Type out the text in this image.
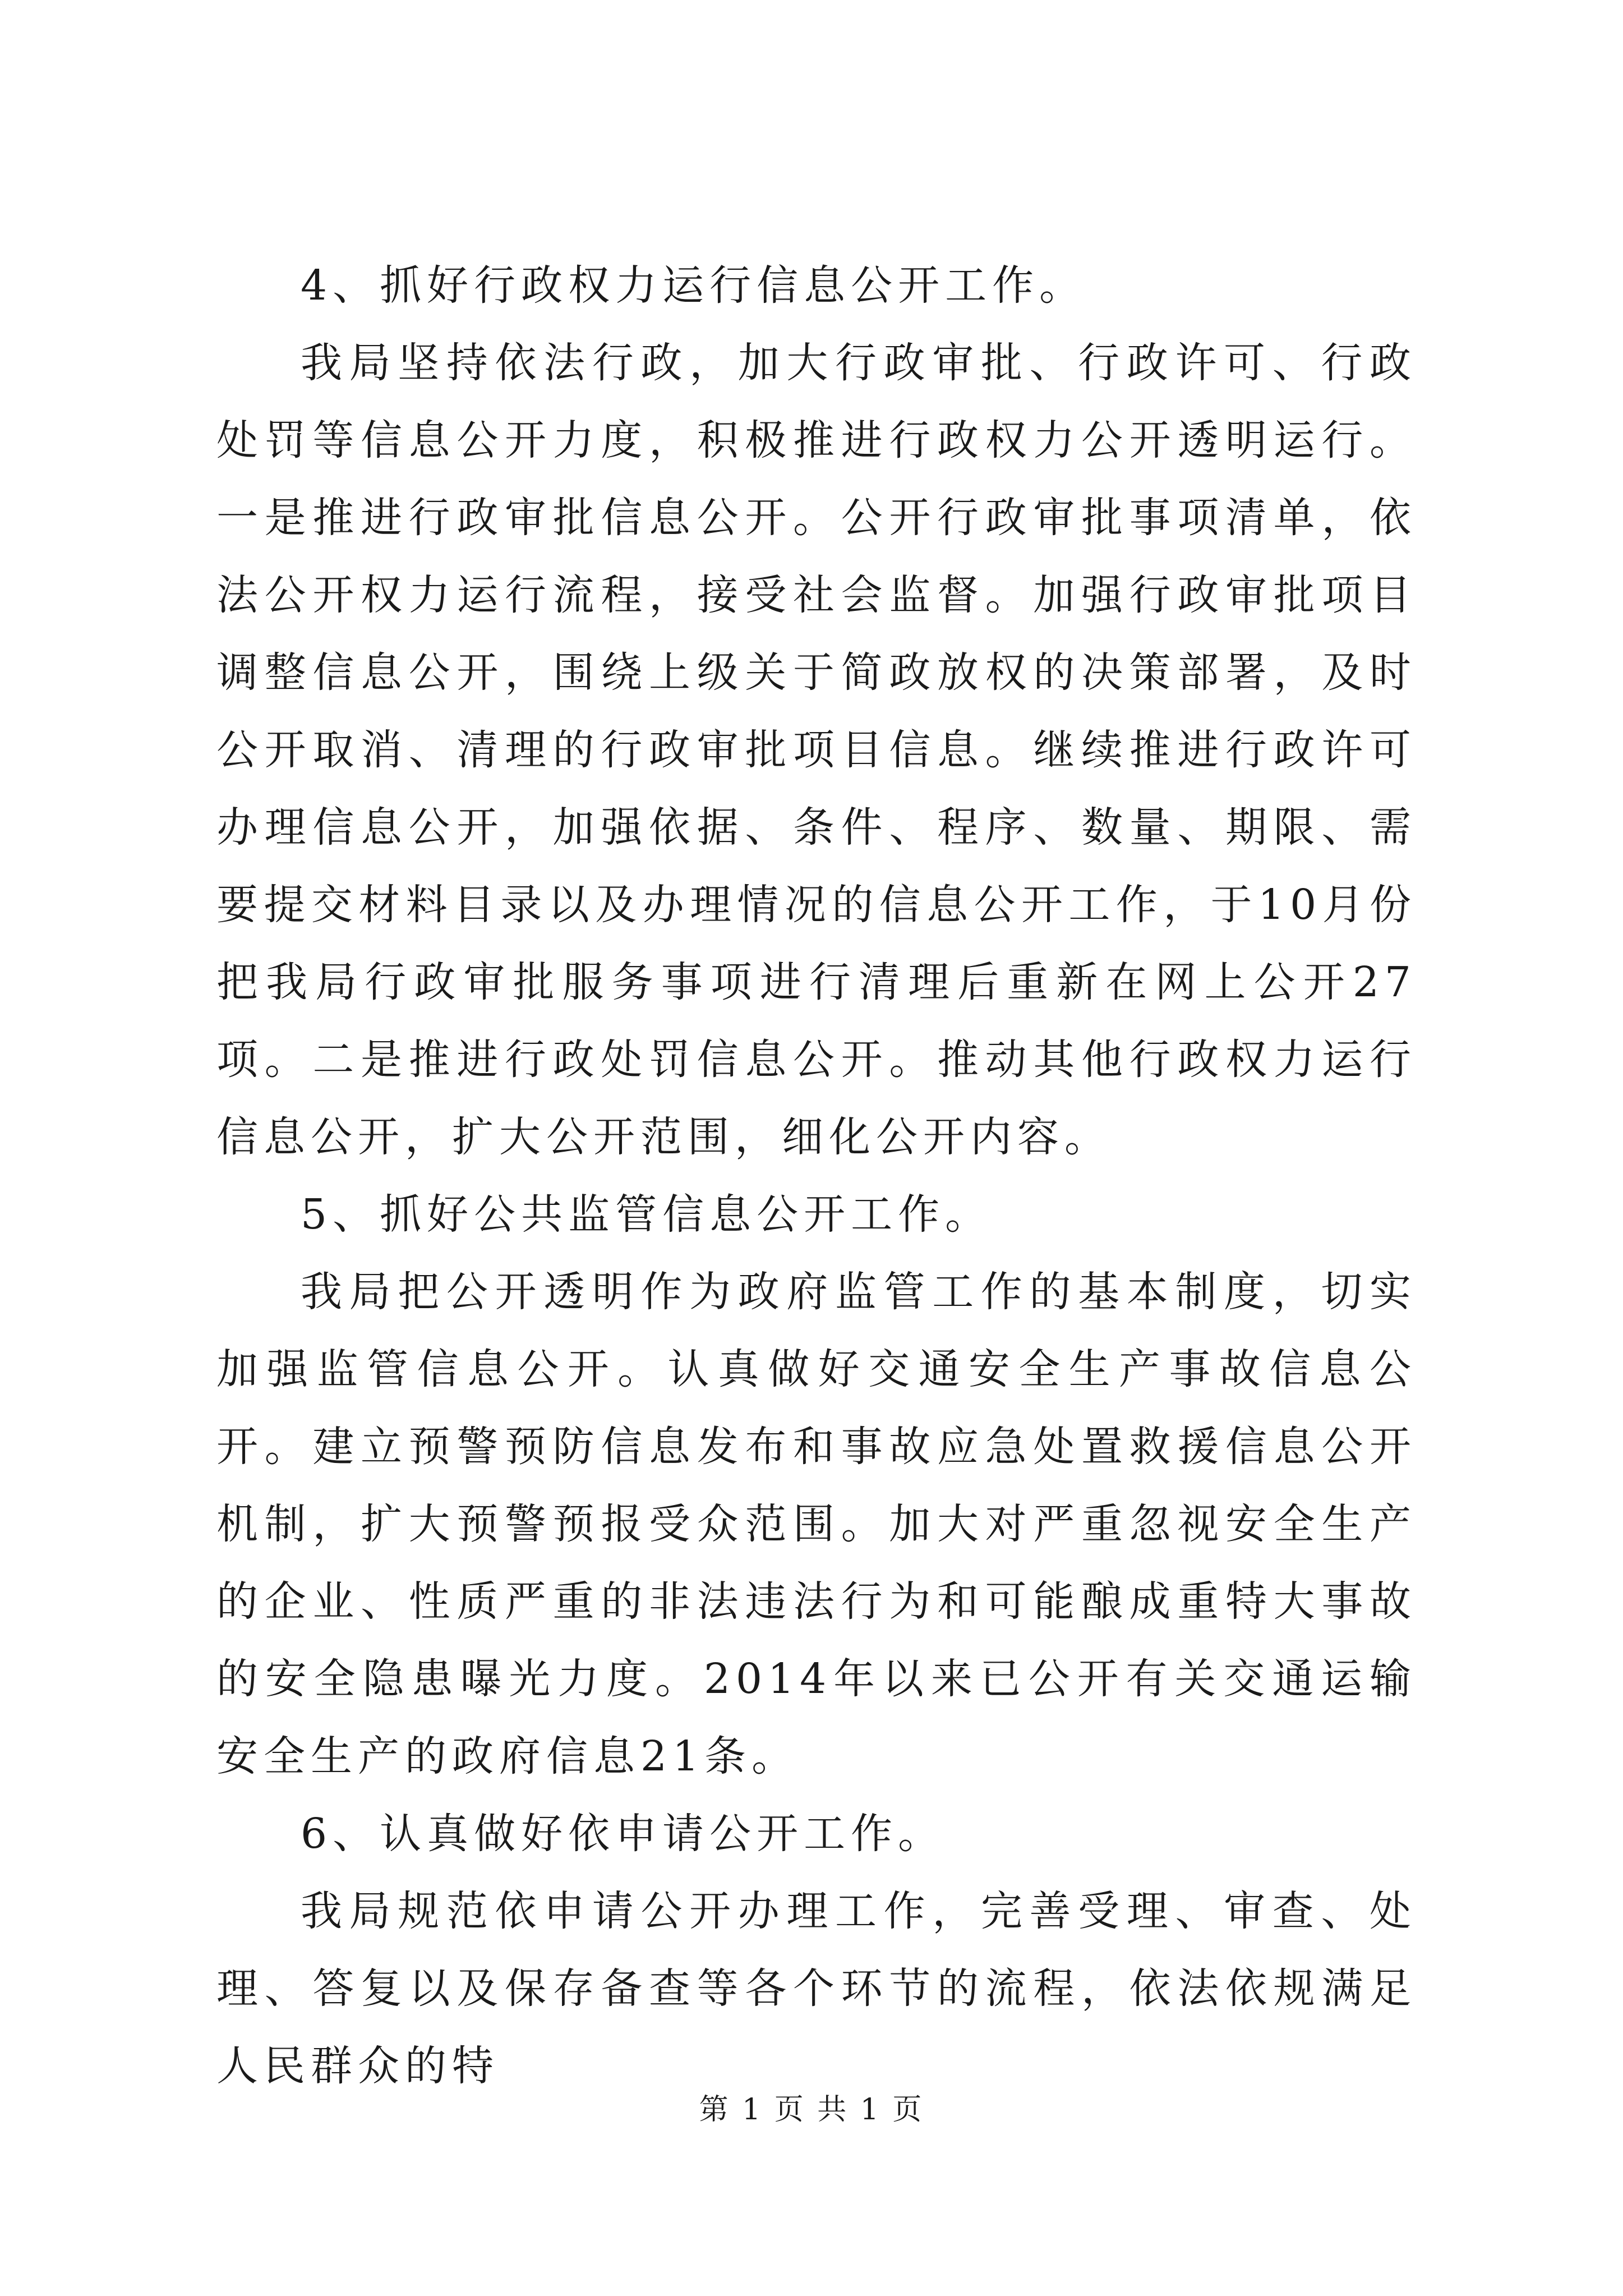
4、抓好行政权力运行信息公开工作。

我局坚持依法行政，加大行政审批、行政许可、行政处罚等信息公开力度，积极推进行政权力公开透明运行。一是推进行政审批信息公开。公开行政审批事项清单，依法公开权力运行流程，接受社会监督。加强行政审批项目调整信息公开，围绕上级关于简政放权的决策部署，及时公开取消、清理的行政审批项目信息。继续推进行政许可办理信息公开，加强依据、条件、程序、数量、期限、需要提交材料目录以及办理情况的信息公开工作，于10月份把我局行政审批服务事项进行清理后重新在网上公开27项。二是推进行政处罚信息公开。推动其他行政权力运行信息公开，扩大公开范围，细化公开内容。

5、抓好公共监管信息公开工作。

我局把公开透明作为政府监管工作的基本制度，切实加强监管信息公开。认真做好交通安全生产事故信息公开。建立预警预防信息发布和事故应急处置救援信息公开机制，扩大预警预报受众范围。加大对严重忽视安全生产的企业、性质严重的非法违法行为和可能酿成重特大事故的安全隐患曝光力度。2014年以来已公开有关交通运输安全生产的政府信息21条。

6、认真做好依申请公开工作。

我局规范依申请公开办理工作，完善受理、审查、处理、答复以及保存备查等各个环节的流程，依法依规满足人民群众的特

第 1 页 共 1 页
